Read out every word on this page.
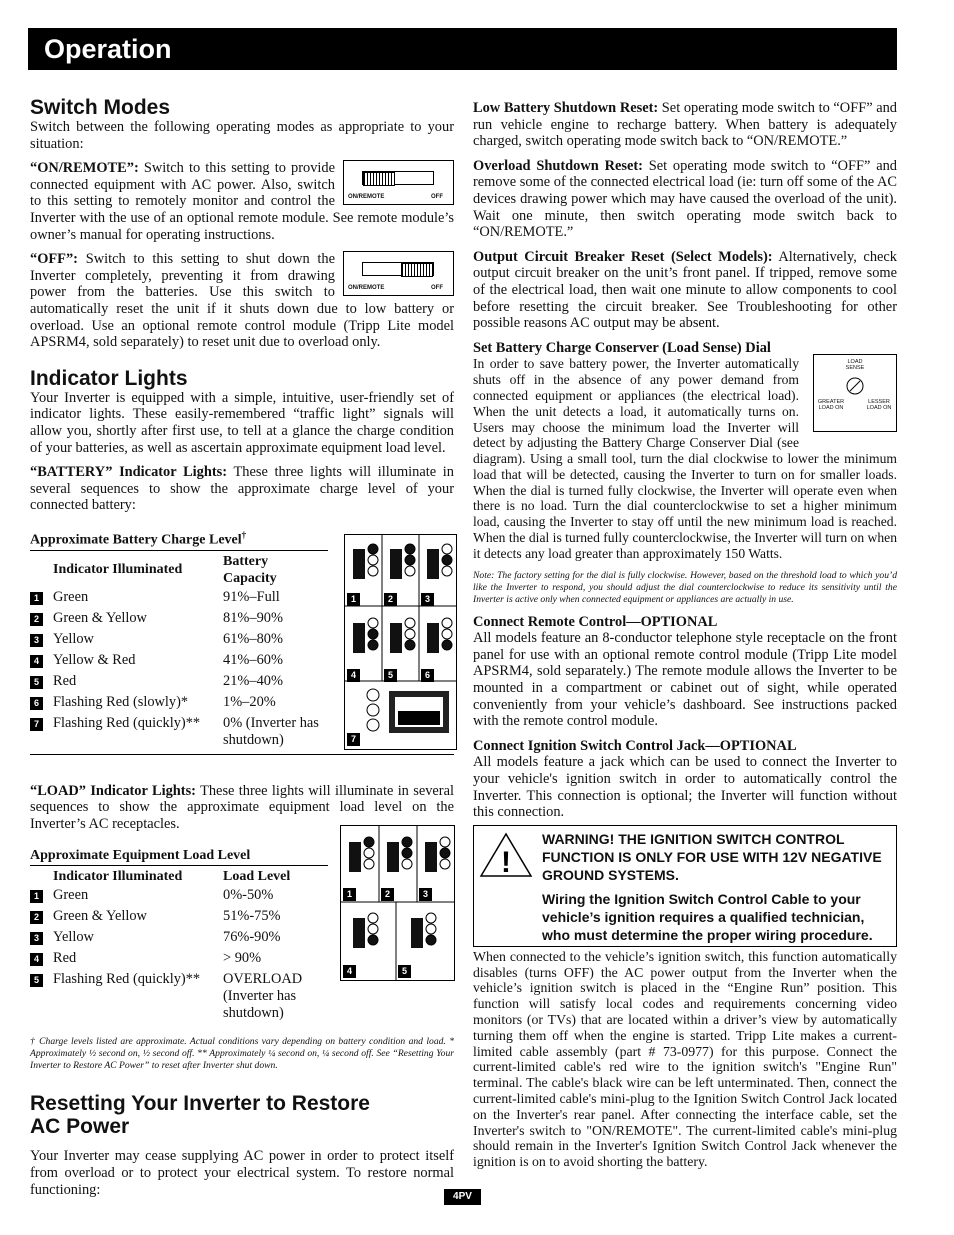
Operation
Switch Modes

Switch between the following operating modes as appropriate to your situation:

ON/REMOTE	OFF

“ON/REMOTE”: Switch to this setting to provide connected equipment with AC power. Also, switch to this setting to remotely monitor and control the Inverter with the use of an optional remote module. See remote module’s owner’s manual for operating instructions.

ON/REMOTE	OFF

“OFF”: Switch to this setting to shut down the Inverter completely, preventing it from drawing power from the batteries. Use this switch to automatically reset the unit if it shuts down due to low battery or overload. Use an optional remote control module (Tripp Lite model APSRM4, sold separately) to reset unit due to overload only.

Indicator Lights

Your Inverter is equipped with a simple, intuitive, user-friendly set of indicator lights. These easily-remembered “traffic light” signals will allow you, shortly after first use, to tell at a glance the charge condition of your batteries, as well as ascertain approximate equipment load level.

“BATTERY” Indicator Lights: These three lights will illuminate in several sequences to show the approximate charge level of your connected battery:

Approximate Battery Charge Level†
	Indicator Illuminated	Battery Capacity
1	Green	91%–Full
2	Green & Yellow	81%–90%
3	Yellow	61%–80%
4	Yellow & Red	41%–60%
5	Red	21%–40%
6	Flashing Red (slowly)*	1%–20%
7	Flashing Red (quickly)**	0% (Inverter has shutdown)

“LOAD” Indicator Lights: These three lights will illuminate in several sequences to show the approximate equipment load level on the Inverter’s AC receptacles.

Approximate Equipment Load Level
	Indicator Illuminated	Load Level
1	Green	0%-50%
2	Green & Yellow	51%-75%
3	Yellow	76%-90%
4	Red	> 90%
5	Flashing Red (quickly)**	OVERLOAD (Inverter has shutdown)

† Charge levels listed are approximate. Actual conditions vary depending on battery condition and load. * Approximately ½ second on, ½ second off. ** Approximately ¼ second on, ¼ second off. See “Resetting Your Inverter to Restore AC Power” to reset after Inverter shut down.

Resetting Your Inverter to Restore
AC Power

Your Inverter may cease supplying AC power in order to protect itself from overload or to protect your electrical system. To restore normal functioning:

1	2	3
4	5	6
7
1	2	3
4	5

Low Battery Shutdown Reset: Set operating mode switch to “OFF” and run vehicle engine to recharge battery. When battery is adequately charged, switch operating mode switch back to “ON/REMOTE.”

Overload Shutdown Reset: Set operating mode switch to “OFF” and remove some of the connected electrical load (ie: turn off some of the AC devices drawing power which may have caused the overload of the unit). Wait one minute, then switch operating mode switch back to “ON/REMOTE.”

Output Circuit Breaker Reset (Select Models): Alternatively, check output circuit breaker on the unit’s front panel. If tripped, remove some of the electrical load, then wait one minute to allow components to cool before resetting the circuit breaker. See Troubleshooting for other possible reasons AC output may be absent.

Set Battery Charge Conserver (Load Sense) Dial

LOAD SENSE
GREATER LOAD ON
LESSER LOAD ON

In order to save battery power, the Inverter automatically shuts off in the absence of any power demand from connected equipment or appliances (the electrical load). When the unit detects a load, it automatically turns on. Users may choose the minimum load the Inverter will detect by adjusting the Battery Charge Conserver Dial (see diagram). Using a small tool, turn the dial clockwise to lower the minimum load that will be detected, causing the Inverter to turn on for smaller loads. When the dial is turned fully clockwise, the Inverter will operate even when there is no load. Turn the dial counterclockwise to set a higher minimum load, causing the Inverter to stay off until the new minimum load is reached. When the dial is turned fully counterclockwise, the Inverter will turn on when it detects any load greater than approximately 150 Watts.

Note: The factory setting for the dial is fully clockwise. However, based on the threshold load to which you’d like the Inverter to respond, you should adjust the dial counterclockwise to reduce its sensitivity until the Inverter is active only when connected equipment or appliances are actually in use.

Connect Remote Control—OPTIONAL

All models feature an 8-conductor telephone style receptacle on the front panel for use with an optional remote control module (Tripp Lite model APSRM4, sold separately.) The remote module allows the Inverter to be mounted in a compartment or cabinet out of sight, while operated conveniently from your vehicle’s dashboard. See instructions packed with the remote control module.

Connect Ignition Switch Control Jack—OPTIONAL

All models feature a jack which can be used to connect the Inverter to your vehicle's ignition switch in order to automatically control the Inverter. This connection is optional; the Inverter will function without this connection.

!

WARNING! THE IGNITION SWITCH CONTROL FUNCTION IS ONLY FOR USE WITH 12V NEGATIVE GROUND SYSTEMS.

Wiring the Ignition Switch Control Cable to your vehicle’s ignition requires a qualified technician, who must determine the proper wiring procedure.

When connected to the vehicle’s ignition switch, this function automatically disables (turns OFF) the AC power output from the Inverter when the vehicle’s ignition switch is placed in the “Engine Run” position. This function will satisfy local codes and requirements concerning video monitors (or TVs) that are located within a driver’s view by automatically turning them off when the engine is started. Tripp Lite makes a current-limited cable assembly (part # 73-0977) for this purpose. Connect the current-limited cable's red wire to the ignition switch's "Engine Run" terminal. The cable's black wire can be left unterminated. Then, connect the current-limited cable's mini-plug to the Ignition Switch Control Jack located on the Inverter's rear panel. After connecting the interface cable, set the Inverter's switch to "ON/REMOTE". The current-limited cable's mini-plug should remain in the Inverter's Ignition Switch Control Jack whenever the ignition is on to avoid shorting the battery.

4PV
